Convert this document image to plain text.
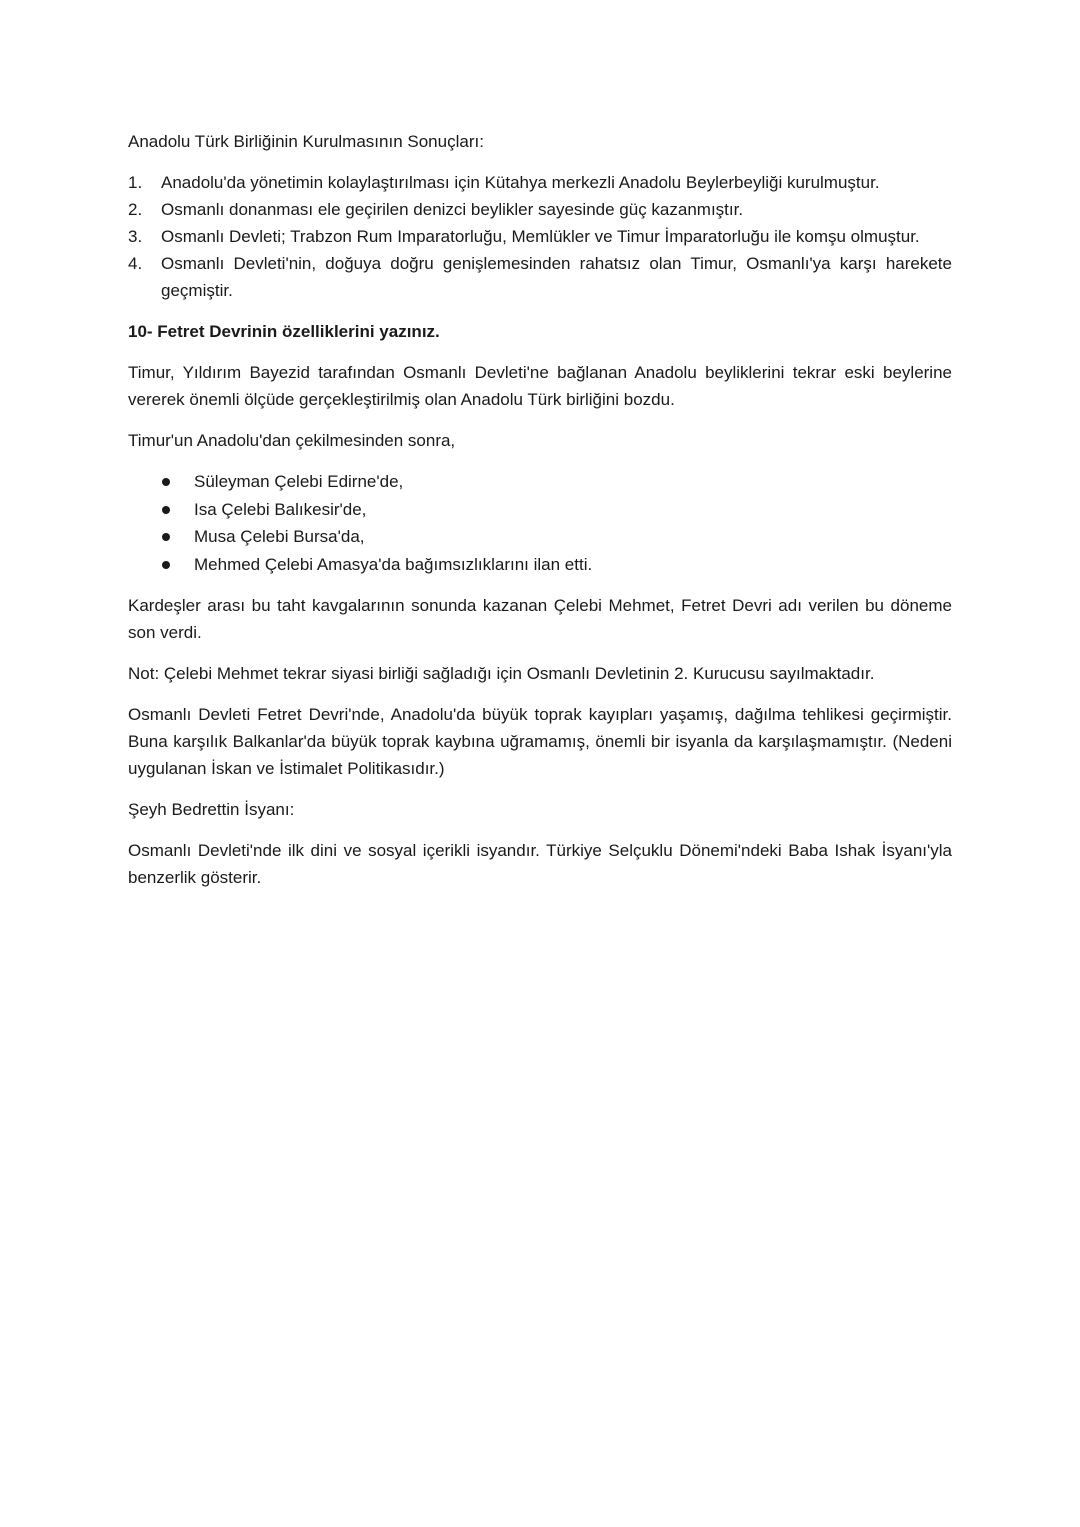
Anadolu Türk Birliğinin Kurulmasının Sonuçları:

1. Anadolu'da yönetimin kolaylaştırılması için Kütahya merkezli Anadolu Beylerbeyliği kurulmuştur.
2. Osmanlı donanması ele geçirilen denizci beylikler sayesinde güç kazanmıştır.
3. Osmanlı Devleti; Trabzon Rum Imparatorluğu, Memlükler ve Timur İmparatorluğu ile komşu olmuştur.
4. Osmanlı Devleti'nin, doğuya doğru genişlemesinden rahatsız olan Timur, Osmanlı'ya karşı harekete geçmiştir.

10- Fetret Devrinin özelliklerini yazınız.

Timur, Yıldırım Bayezid tarafından Osmanlı Devleti'ne bağlanan Anadolu beyliklerini tekrar eski beylerine vererek önemli ölçüde gerçekleştirilmiş olan Anadolu Türk birliğini bozdu.

Timur'un Anadolu'dan çekilmesinden sonra,

Süleyman Çelebi Edirne'de,
Isa Çelebi Balıkesir'de,
Musa Çelebi Bursa'da,
Mehmed Çelebi Amasya'da bağımsızlıklarını ilan etti.

Kardeşler arası bu taht kavgalarının sonunda kazanan Çelebi Mehmet, Fetret Devri adı verilen bu döneme son verdi.

Not: Çelebi Mehmet tekrar siyasi birliği sağladığı için Osmanlı Devletinin 2. Kurucusu sayılmaktadır.

Osmanlı Devleti Fetret Devri'nde, Anadolu'da büyük toprak kayıpları yaşamış, dağılma tehlikesi geçirmiştir. Buna karşılık Balkanlar'da büyük toprak kaybına uğramamış, önemli bir isyanla da karşılaşmamıştır. (Nedeni uygulanan İskan ve İstimalet Politikasıdır.)

Şeyh Bedrettin İsyanı:

Osmanlı Devleti'nde ilk dini ve sosyal içerikli isyandır. Türkiye Selçuklu Dönemi'ndeki Baba Ishak İsyanı'yla benzerlik gösterir.
